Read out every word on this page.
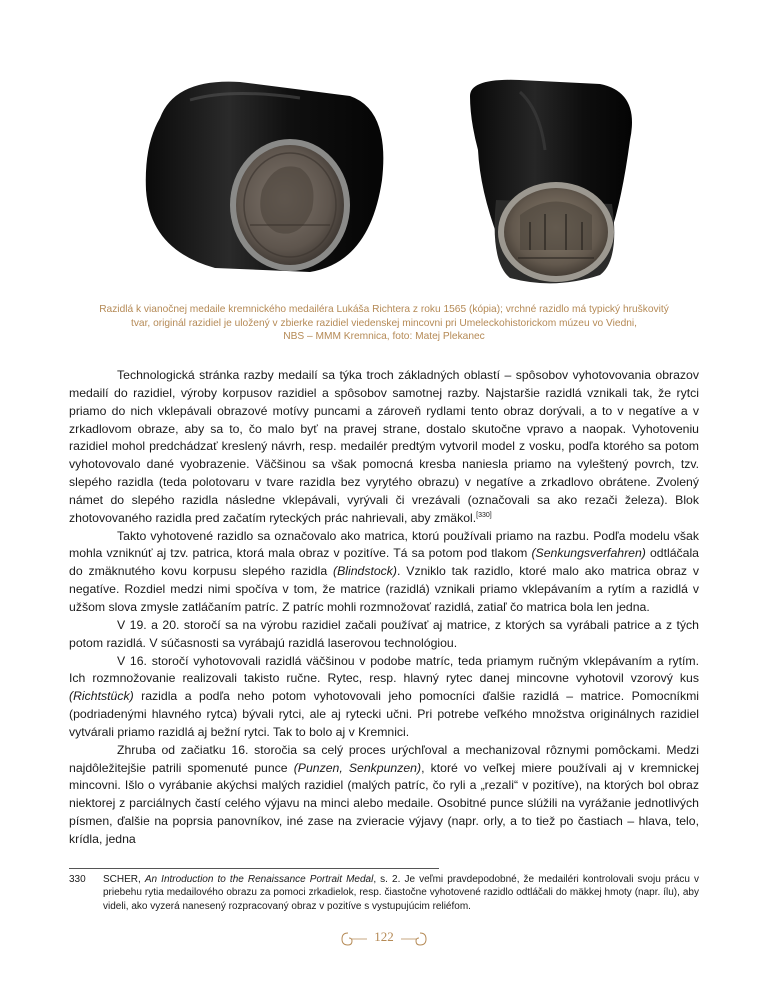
Razidlá k vianočnej medaile kremnického medailéra Lukáša Richtera z roku 1565 (kópia); vrchné razidlo má typický hruškovitý
tvar, originál razidiel je uložený v zbierke razidiel viedenskej mincovni pri Umeleckohistorickom múzeu vo Viedni,
NBS – MMM Kremnica, foto: Matej Plekanec

Technologická stránka razby medailí sa týka troch základných oblastí – spôsobov vyhotovovania obrazov medailí do razidiel, výroby korpusov razidiel a spôsobov samotnej razby. Najstaršie razidlá vznikali tak, že rytci priamo do nich vklepávali obrazové motívy puncami a zároveň rydlami tento obraz dorývali, a to v negatíve a v zrkadlovom obraze, aby sa to, čo malo byť na pravej strane, dostalo skutočne vpravo a naopak. Vyhotoveniu razidiel mohol predchádzať kreslený návrh, resp. medailér predtým vytvoril model z vosku, podľa ktorého sa potom vyhotovovalo dané vyobrazenie. Väčšinou sa však pomocná kresba naniesla priamo na vyleštený povrch, tzv. slepého razidla (teda polotovaru v tvare razidla bez vyrytého obrazu) v negatíve a zrkadlovo obrátene. Zvolený námet do slepého razidla následne vklepávali, vyrývali či vrezávali (označovali sa ako rezači železa). Blok zhotovovaného razidla pred začatím ryteckých prác nahrievali, aby zmäkol.[330]

Takto vyhotovené razidlo sa označovalo ako matrica, ktorú používali priamo na razbu. Podľa modelu však mohla vzniknúť aj tzv. patrica, ktorá mala obraz v pozitíve. Tá sa potom pod tlakom (Senkungsverfahren) odtláčala do zmäknutého kovu korpusu slepého razidla (Blindstock). Vzniklo tak razidlo, ktoré malo ako matrica obraz v negatíve. Rozdiel medzi nimi spočíva v tom, že matrice (razidlá) vznikali priamo vklepávaním a rytím a razidlá v užšom slova zmysle zatláčaním patríc. Z patríc mohli rozmnožovať razidlá, zatiaľ čo matrica bola len jedna.

V 19. a 20. storočí sa na výrobu razidiel začali používať aj matrice, z ktorých sa vyrábali patrice a z tých potom razidlá. V súčasnosti sa vyrábajú razidlá laserovou technológiou.

V 16. storočí vyhotovovali razidlá väčšinou v podobe matríc, teda priamym ručným vklepávaním a rytím. Ich rozmnožovanie realizovali takisto ručne. Rytec, resp. hlavný rytec danej mincovne vyhotovil vzorový kus (Richtstück) razidla a podľa neho potom vyhotovovali jeho pomocníci ďalšie razidlá – matrice. Pomocníkmi (podriadenými hlavného rytca) bývali rytci, ale aj rytecki učni. Pri potrebe veľkého množstva originálnych razidiel vytvárali priamo razidlá aj bežní rytci. Tak to bolo aj v Kremnici.

Zhruba od začiatku 16. storočia sa celý proces urýchľoval a mechanizoval rôznymi pomôckami. Medzi najdôležitejšie patrili spomenuté punce (Punzen, Senkpunzen), ktoré vo veľkej miere používali aj v kremnickej mincovni. Išlo o vyrábanie akýchsi malých razidiel (malých patríc, čo ryli a „rezali“ v pozitíve), na ktorých bol obraz niektorej z parciálnych častí celého výjavu na minci alebo medaile. Osobitné punce slúžili na vyrážanie jednotlivých písmen, ďalšie na poprsia panovníkov, iné zase na zvieracie výjavy (napr. orly, a to tiež po častiach – hlava, telo, krídla, jedna

330 SCHER, An Introduction to the Renaissance Portrait Medal, s. 2. Je veľmi pravdepodobné, že medailéri kontrolovali svoju prácu v priebehu rytia medailového obrazu za pomoci zrkadielok, resp. čiastočne vyhotovené razidlo odtláčali do mäkkej hmoty (napr. ílu), aby videli, ako vyzerá nanesený rozpracovaný obraz v pozitíve s vystupujúcim reliéfom.
122
